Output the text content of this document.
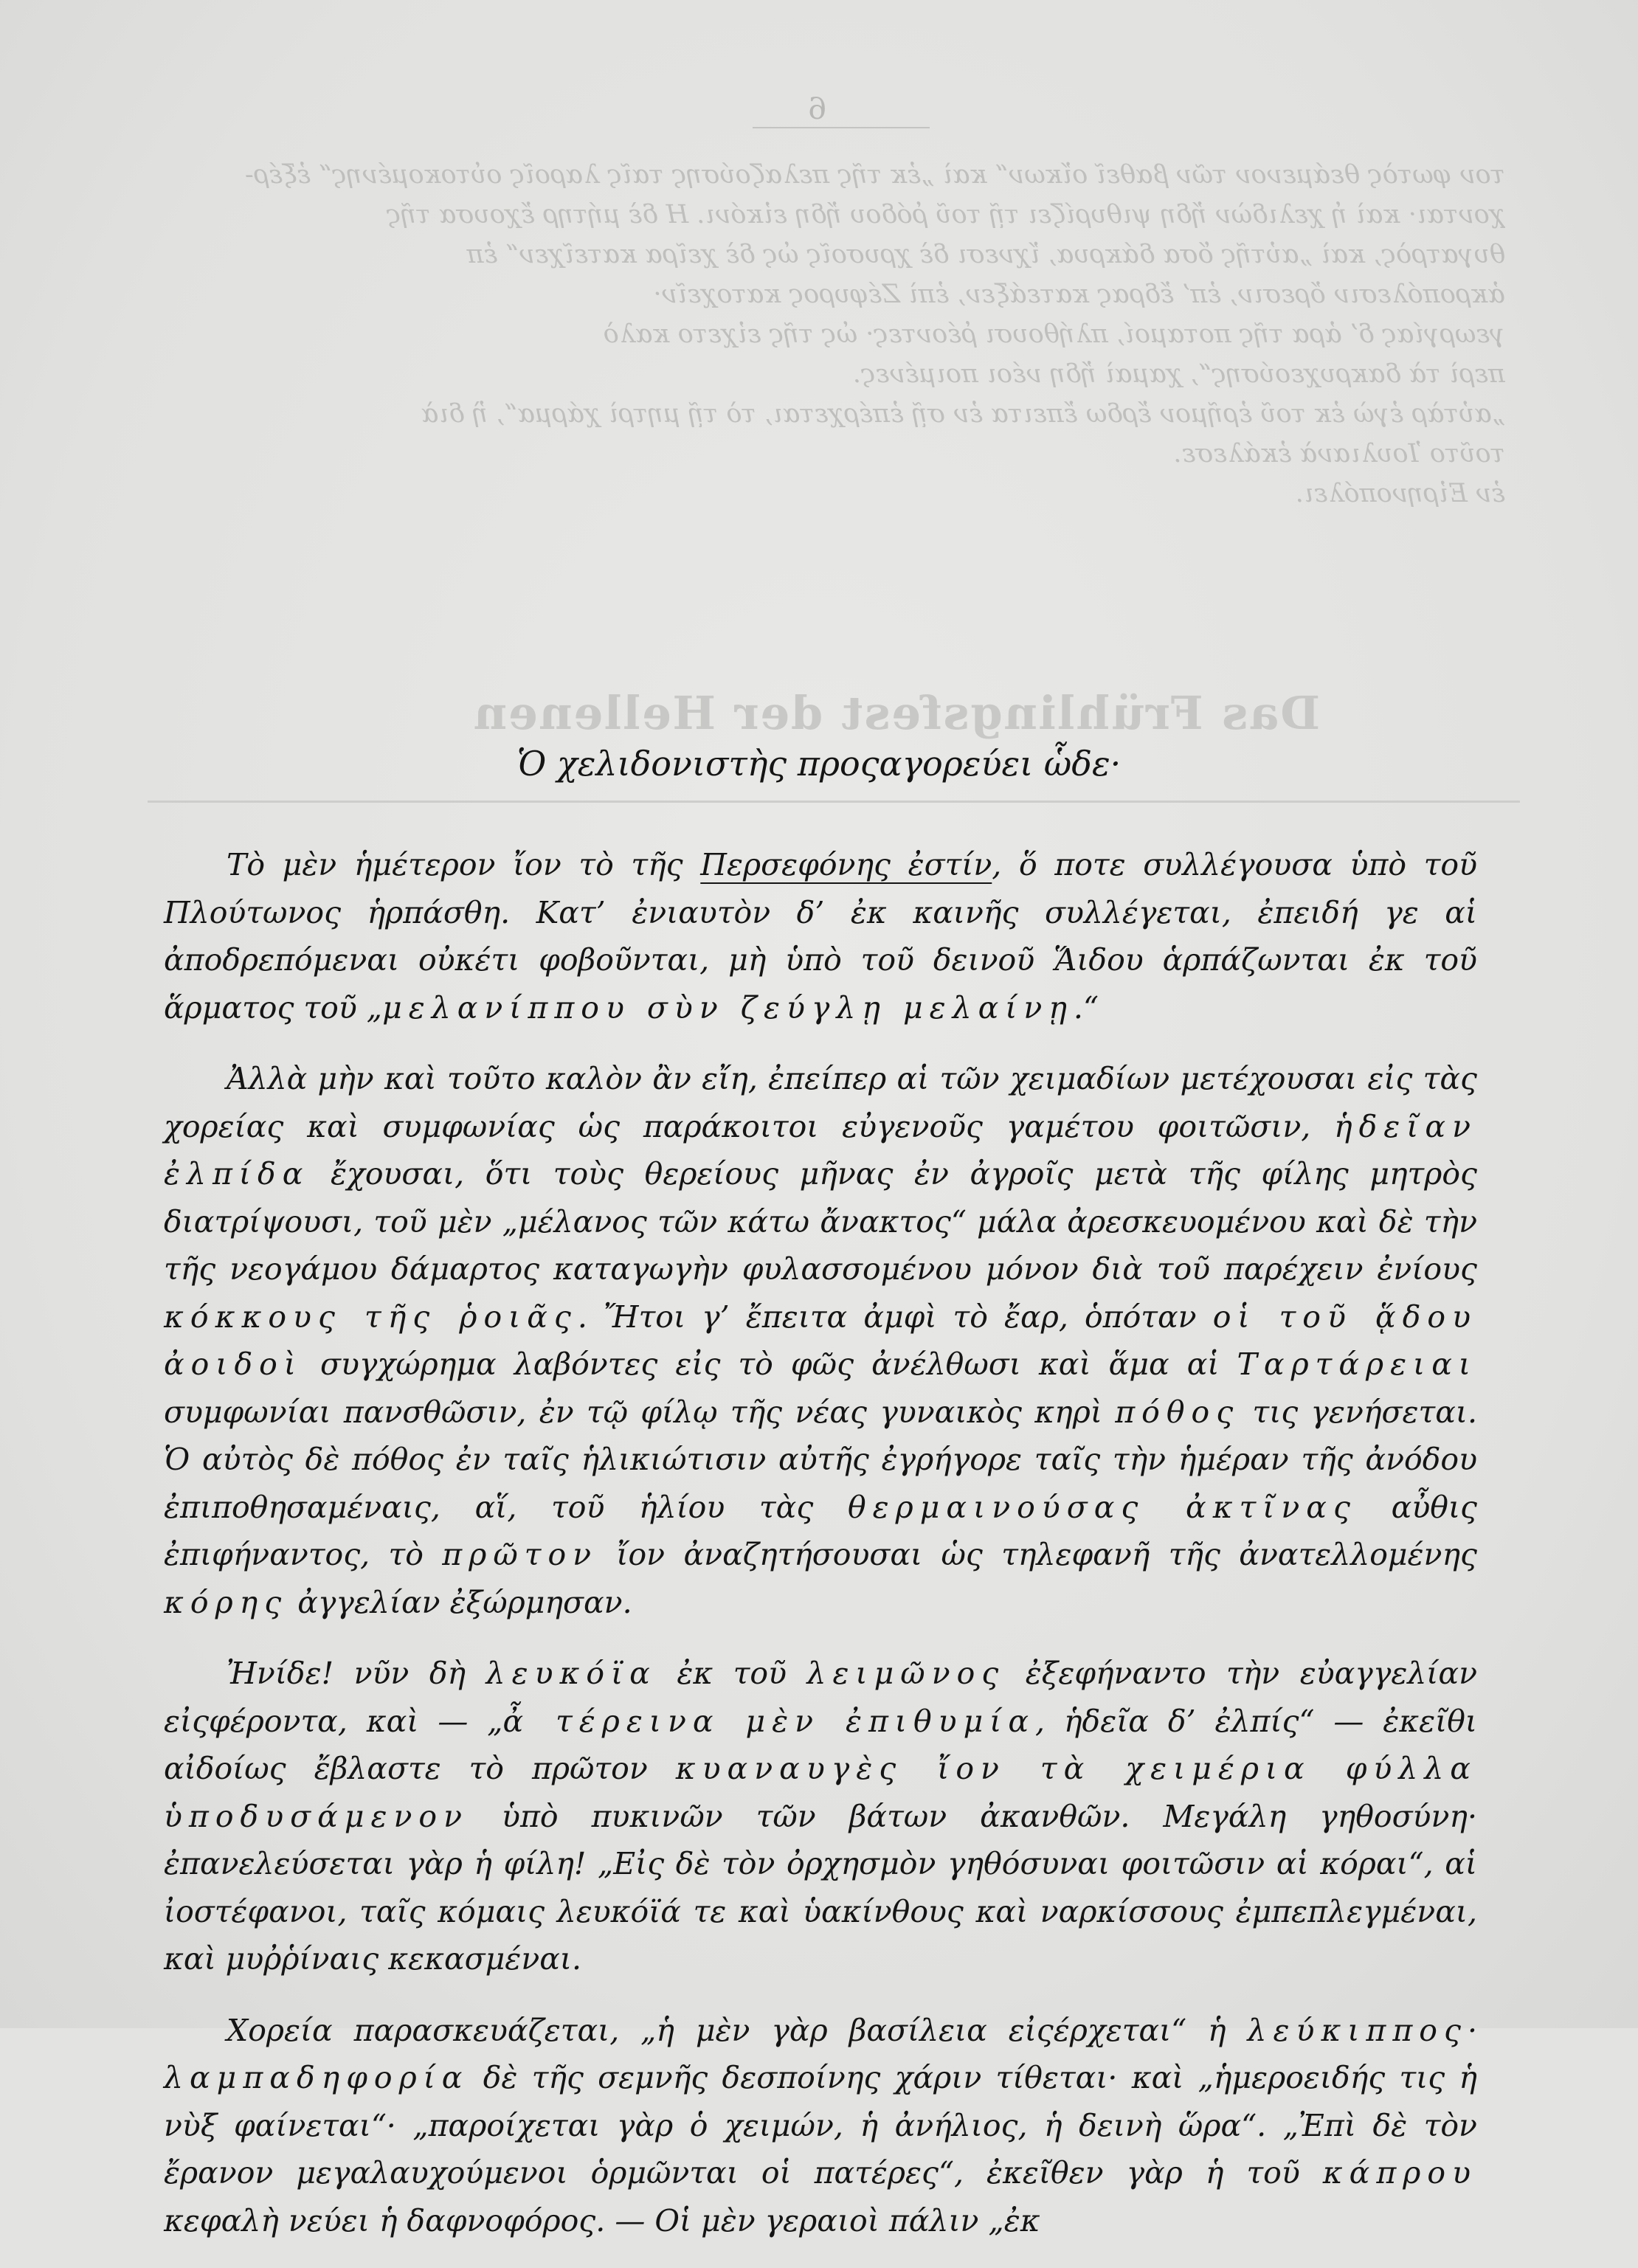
6
τον φωτὸς θεάμενον τῶν βαθεῖ οἴκων“ καὶ „ἐκ τῆς πελαζούσης ταῖς λαροῖς οὑτοκομένης“ ἐξέρ-
χονται· καὶ ἡ χελιδὼν ἤδη ψιθυρίζει τῇ τοῦ ῥόδου ἤδη εἰκόνι. Η δὲ μήτηρ ἔχουσα τῆς
θυγατρὸς, καὶ „αὐτῆς ὅσα δάκρυα, ἴχνεσι δὲ χρυσοῖς ὡς δὲ χεῖρα κατεῖχεν“ ἐπ
ἀκροπόλεσιν ὄρεσιν, ἐπ’ ἔδρας κατεάξεν, ἐπὶ Ζέφυρος κατοχεῖν·
γεωργίας δ’ ἀρα τῆς ποταμοί, πλήθουσι ῥέοντες· ὡς τῆς εἰχετο καλὸ
περὶ τὰ δακρυχεούσης“, χαμαὶ ἤδη νέοι ποιμένες.
„αὐτὰρ ἐγὼ ἐκ τοῦ ἐρῆμον ἔρδω ἔπειτα ἐν σῇ ἐπέρχεται, τὸ τῇ μητρὶ χάρμα“, ἢ διὰ
τοῦτο Ἰουλιανὰ ἐκάλεσε.
ἐν Εἰρηνοπόλει.
Das Frühlingsfest der Hellenen
Ὁ χελιδονιστὴς προςαγορεύει ὧδε·

Τὸ μὲν ἡμέτερον ἴον τὸ τῆς Περσεφόνης ἐστίν, ὅ ποτε συλλέγουσα ὑπὸ τοῦ Πλούτωνος ἡρπάσθη. Κατ’ ἐνιαυτὸν δ’ ἐκ καινῆς συλλέγεται, ἐπειδή γε αἱ ἀποδρεπόμεναι οὐκέτι φοβοῦνται, μὴ ὑπὸ τοῦ δεινοῦ Ἅιδου ἁρπάζωνται ἐκ τοῦ ἅρματος τοῦ „μελανίππου σὺν ζεύγλῃ μελαίνῃ.“

Ἀλλὰ μὴν καὶ τοῦτο καλὸν ἂν εἴη, ἐπείπερ αἱ τῶν χειμαδίων μετέχουσαι εἰς τὰς χορείας καὶ συμφωνίας ὡς παράκοιτοι εὐγενοῦς γαμέτου φοιτῶσιν, ἡδεῖαν ἐλπίδα ἔχουσαι, ὅτι τοὺς θερείους μῆνας ἐν ἀγροῖς μετὰ τῆς φίλης μητρὸς διατρίψουσι, τοῦ μὲν „μέλανος τῶν κάτω ἄνακτος“ μάλα ἀρεσκευομένου καὶ δὲ τὴν τῆς νεογάμου δάμαρτος καταγωγὴν φυλασσομένου μόνον διὰ τοῦ παρέχειν ἐνίους κόκκους τῆς ῥοιᾶς. Ἤτοι γ’ ἔπειτα ἀμφὶ τὸ ἔαρ, ὁπόταν οἱ τοῦ ᾅδου ἀοιδοὶ συγχώρημα λαβόντες εἰς τὸ φῶς ἀνέλθωσι καὶ ἅμα αἱ Ταρτάρειαι συμφωνίαι πανσθῶσιν, ἐν τῷ φίλῳ τῆς νέας γυναικὸς κηρὶ πόθος τις γενήσεται. Ὁ αὐτὸς δὲ πόθος ἐν ταῖς ἡλικιώτισιν αὐτῆς ἐγρήγορε ταῖς τὴν ἡμέραν τῆς ἀνόδου ἐπιποθησαμέναις, αἵ, τοῦ ἡλίου τὰς θερμαινούσας ἀκτῖνας αὖθις ἐπιφήναντος, τὸ πρῶτον ἴον ἀναζητήσουσαι ὡς τηλεφανῆ τῆς ἀνατελλομένης κόρης ἀγγελίαν ἐξώρμησαν.

Ἠνίδε! νῦν δὴ λευκόϊα ἐκ τοῦ λειμῶνος ἐξεφήναντο τὴν εὐαγγελίαν εἰςφέροντα, καὶ — „ἆ τέρεινα μὲν ἐπιθυμία, ἡδεῖα δ’ ἐλπίς“ — ἐκεῖθι αἰδοίως ἔβλαστε τὸ πρῶτον κυαναυγὲς ἴον τὰ χειμέρια φύλλα ὑποδυσάμενον ὑπὸ πυκινῶν τῶν βάτων ἀκανθῶν. Μεγάλη γηθοσύνη· ἐπανελεύσεται γὰρ ἡ φίλη! „Εἰς δὲ τὸν ὀρχησμὸν γηθόσυναι φοιτῶσιν αἱ κόραι“, αἱ ἰοστέφανοι, ταῖς κόμαις λευκόϊά τε καὶ ὑακίνθους καὶ ναρκίσσους ἐμπεπλεγμέναι, καὶ μυῤῥίναις κεκασμέναι.

Χορεία παρασκευάζεται, „ἡ μὲν γὰρ βασίλεια εἰςέρχεται“ ἡ λεύκιππος· λαμπαδηφορία δὲ τῆς σεμνῆς δεσποίνης χάριν τίθεται· καὶ „ἡμεροειδής τις ἡ νὺξ φαίνεται“· „παροίχεται γὰρ ὁ χειμών, ἡ ἀνήλιος, ἡ δεινὴ ὥρα“. „Ἐπὶ δὲ τὸν ἔρανον μεγαλαυχούμενοι ὁρμῶνται οἱ πατέρες“, ἐκεῖθεν γὰρ ἡ τοῦ κάπρου κεφαλὴ νεύει ἡ δαφνοφόρος. — Οἱ μὲν γεραιοὶ πάλιν „ἐκ
